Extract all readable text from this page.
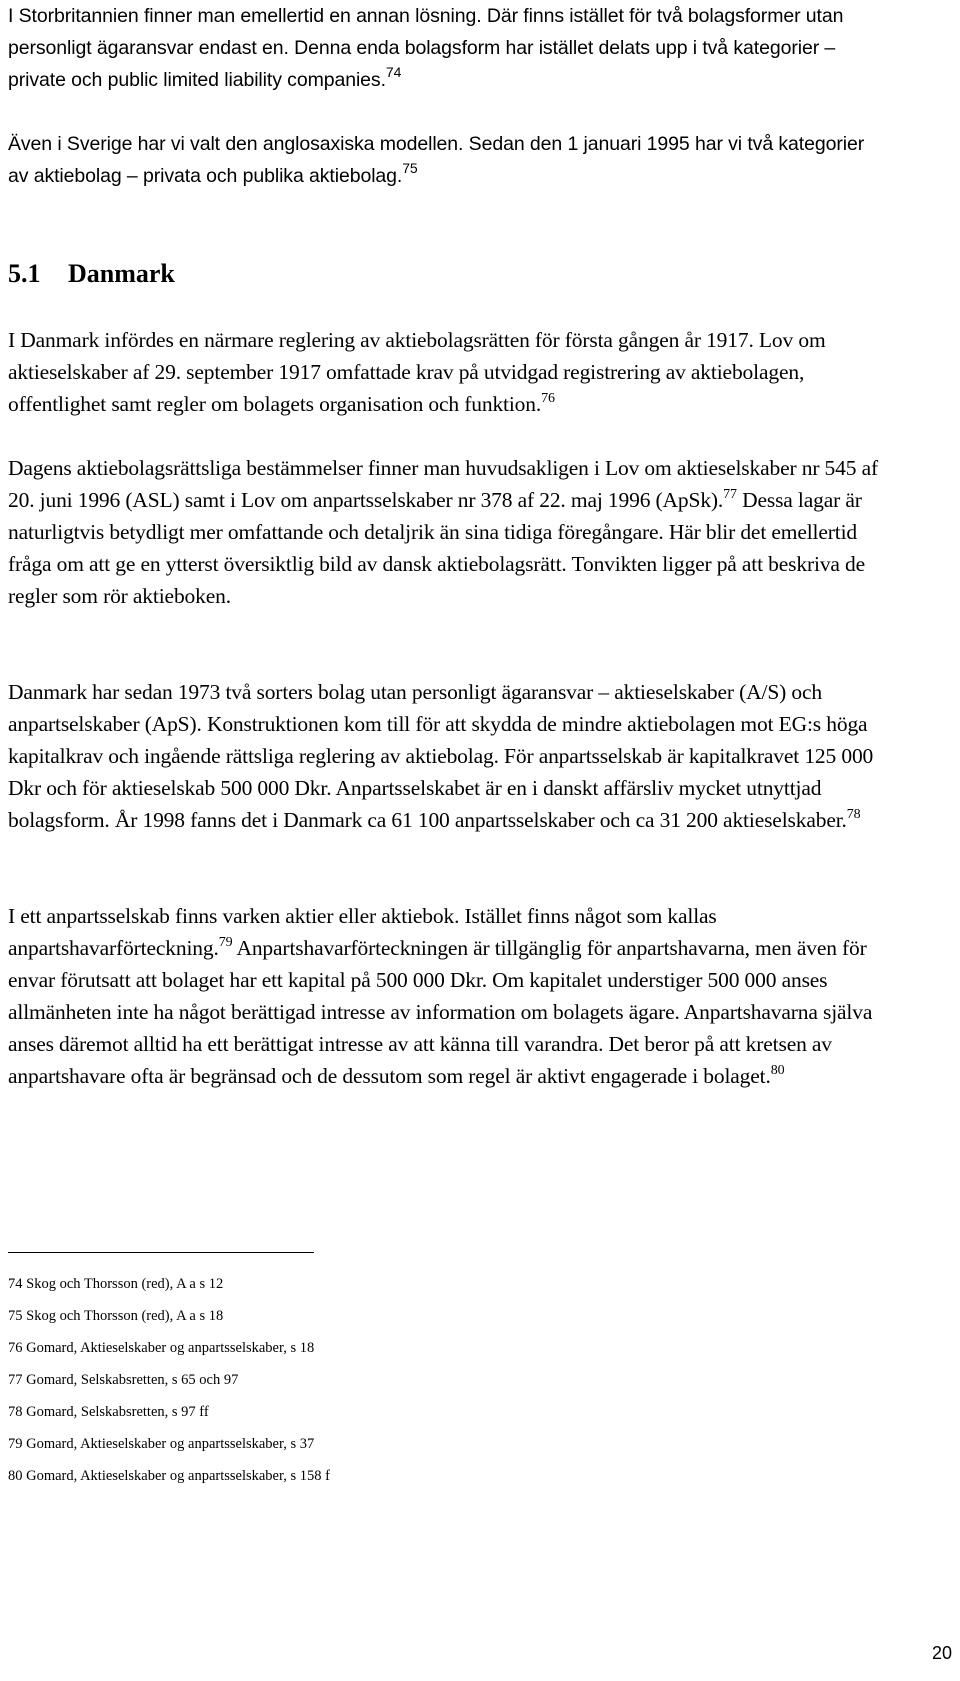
I Storbritannien finner man emellertid en annan lösning. Där finns istället för två bolagsformer utan personligt ägaransvar endast en. Denna enda bolagsform har istället delats upp i två kategorier – private och public limited liability companies.$^{74}$

Även i Sverige har vi valt den anglosaxiska modellen. Sedan den 1 januari 1995 har vi två kategorier av aktiebolag – privata och publika aktiebolag.$^{75}$

5.1 Danmark

I Danmark infördes en närmare reglering av aktiebolagsrätten för första gången år 1917. Lov om aktieselskaber af 29. september 1917 omfattade krav på utvidgad registrering av aktiebolagen, offentlighet samt regler om bolagets organisation och funktion.$^{76}$

Dagens aktiebolagsrättsliga bestämmelser finner man huvudsakligen i Lov om aktieselskaber nr 545 af 20. juni 1996 (ASL) samt i Lov om anpartsselskaber nr 378 af 22. maj 1996 (ApSk).$^{77}$ Dessa lagar är naturligtvis betydligt mer omfattande och detaljrik än sina tidiga föregångare. Här blir det emellertid fråga om att ge en ytterst översiktlig bild av dansk aktiebolagsrätt. Tonvikten ligger på att beskriva de regler som rör aktieboken.

Danmark har sedan 1973 två sorters bolag utan personligt ägaransvar – aktieselskaber (A/S) och anpartselskaber (ApS). Konstruktionen kom till för att skydda de mindre aktiebolagen mot EG:s höga kapitalkrav och ingående rättsliga reglering av aktiebolag. För anpartsselskab är kapitalkravet 125 000 Dkr och för aktieselskab 500 000 Dkr. Anpartsselskabet är en i danskt affärsliv mycket utnyttjad bolagsform. År 1998 fanns det i Danmark ca 61 100 anpartsselskaber och ca 31 200 aktieselskaber.$^{78}$

I ett anpartsselskab finns varken aktier eller aktiebok. Istället finns något som kallas anpartshavarförteckning.$^{79}$ Anpartshavarförteckningen är tillgänglig för anpartshavarna, men även för envar förutsatt att bolaget har ett kapital på 500 000 Dkr. Om kapitalet understiger 500 000 anses allmänheten inte ha något berättigad intresse av information om bolagets ägare. Anpartshavarna själva anses däremot alltid ha ett berättigat intresse av att känna till varandra. Det beror på att kretsen av anpartshavare ofta är begränsad och de dessutom som regel är aktivt engagerade i bolaget.$^{80}$

74 Skog och Thorsson (red), A a s 12
75 Skog och Thorsson (red), A a s 18
76 Gomard, Aktieselskaber og anpartsselskaber, s 18
77 Gomard, Selskabsretten, s 65 och 97
78 Gomard, Selskabsretten, s 97 ff
79 Gomard, Aktieselskaber og anpartsselskaber, s 37
80 Gomard, Aktieselskaber og anpartsselskaber, s 158 f
20
